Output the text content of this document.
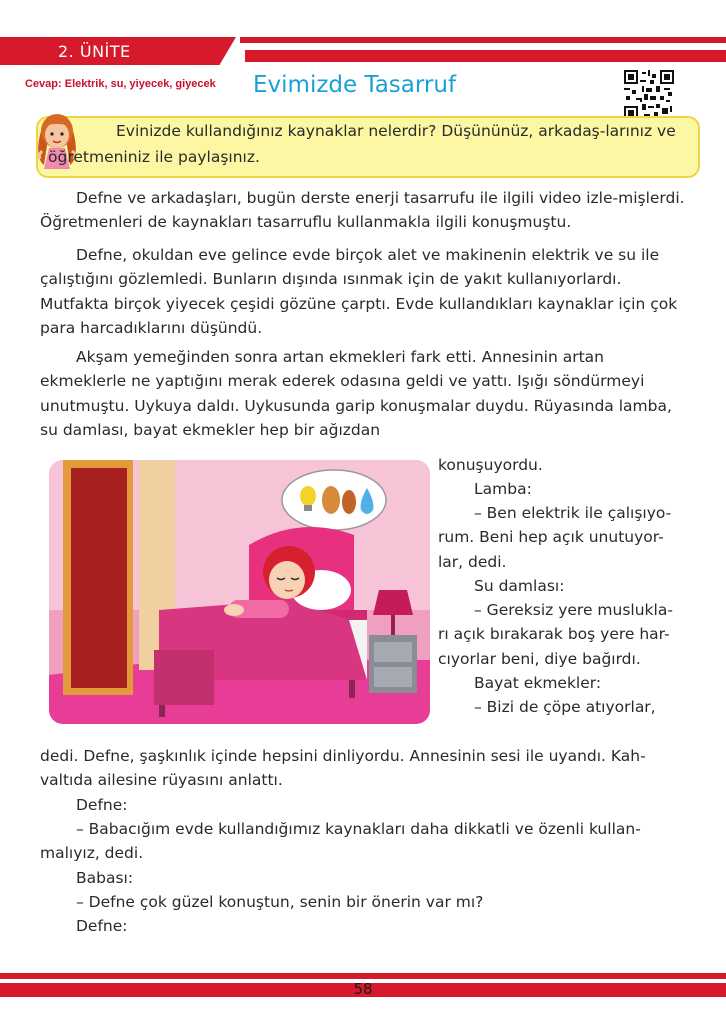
2. ÜNİTE
Cevap: Elektrik, su, yiyecek, giyecek Evimizde Tasarruf
Evinizde kullandığınız kaynaklar nelerdir? Düşününüz, arkadaş-larınız ve öğretmeniniz ile paylaşınız.

Defne ve arkadaşları, bugün derste enerji tasarrufu ile ilgili video izle-mişlerdi. Öğretmenleri de kaynakları tasarruflu kullanmakla ilgili konuşmuştu.

Defne, okuldan eve gelince evde birçok alet ve makinenin elektrik ve su ile çalıştığını gözlemledi. Bunların dışında ısınmak için de yakıt kullanıyorlardı. Mutfakta birçok yiyecek çeşidi gözüne çarptı. Evde kullandıkları kaynaklar için çok para harcadıklarını düşündü.

Akşam yemeğinden sonra artan ekmekleri fark etti. Annesinin artan ekmeklerle ne yaptığını merak ederek odasına geldi ve yattı. Işığı söndürmeyi unutmuştu. Uykuya daldı. Uykusunda garip konuşmalar duydu. Rüyasında lamba, su damlası, bayat ekmekler hep bir ağızdan

konuşuyordu.
Lamba:
– Ben elektrik ile çalışıyo-
rum. Beni hep açık unutuyor-
lar, dedi.
Su damlası:
– Gereksiz yere muslukla-
rı açık bırakarak boş yere har-
cıyorlar beni, diye bağırdı.
Bayat ekmekler:
– Bizi de çöpe atıyorlar,

dedi. Defne, şaşkınlık içinde hepsini dinliyordu. Annesinin sesi ile uyandı. Kah-valtıda ailesine rüyasını anlattı.

Defne:

– Babacığım evde kullandığımız kaynakları daha dikkatli ve özenli kullan-malıyız, dedi.

Babası:
– Defne çok güzel konuştun, senin bir önerin var mı?
Defne:
58
